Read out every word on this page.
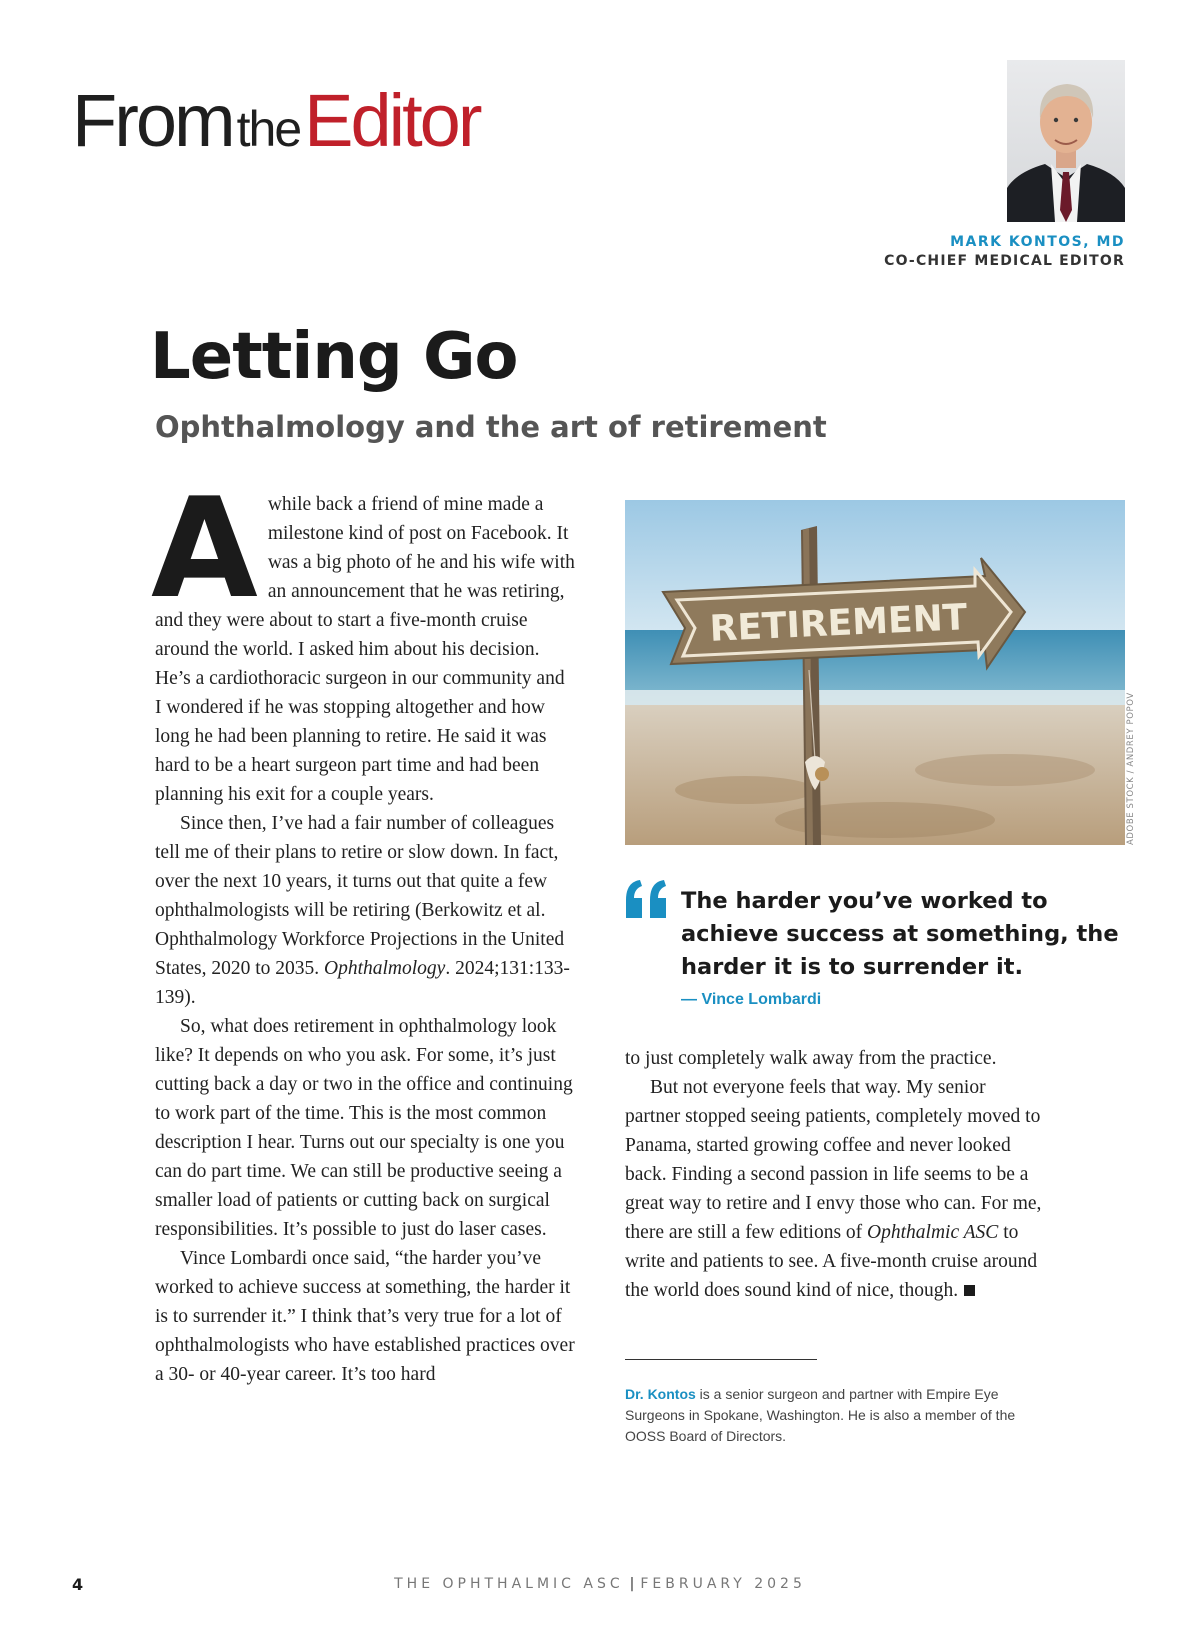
FromtheEditor
MARK KONTOS, MD
CO-CHIEF MEDICAL EDITOR
Letting Go
Ophthalmology and the art of retirement

Awhile back a friend of mine made a milestone kind of post on Facebook. It was a big photo of he and his wife with an announcement that he was retiring, and they were about to start a five-month cruise around the world. I asked him about his decision. He’s a cardiothoracic surgeon in our community and I wondered if he was stopping altogether and how long he had been planning to retire. He said it was hard to be a heart surgeon part time and had been planning his exit for a couple years.

Since then, I’ve had a fair number of colleagues tell me of their plans to retire or slow down. In fact, over the next 10 years, it turns out that quite a few ophthalmologists will be retiring (Berkowitz et al. Ophthalmology Workforce Projections in the United States, 2020 to 2035. Ophthalmology. 2024;131:133-139).

So, what does retirement in ophthalmology look like? It depends on who you ask. For some, it’s just cutting back a day or two in the office and continuing to work part of the time. This is the most common description I hear. Turns out our specialty is one you can do part time. We can still be productive seeing a smaller load of patients or cutting back on surgical responsibilities. It’s possible to just do laser cases.

Vince Lombardi once said, “the harder you’ve worked to achieve success at something, the harder it is to surrender it.” I think that’s very true for a lot of ophthalmologists who have established practices over a 30- or 40-year career. It’s too hard

RETIREMENT
ADOBE STOCK / ANDREY POPOV

The harder you’ve worked to achieve success at something, the harder it is to surrender it.

— Vince Lombardi

to just completely walk away from the practice.

But not everyone feels that way. My senior partner stopped seeing patients, completely moved to Panama, started growing coffee and never looked back. Finding a second passion in life seems to be a great way to retire and I envy those who can. For me, there are still a few editions of Ophthalmic ASC to write and patients to see. A five-month cruise around the world does sound kind of nice, though.

Dr. Kontos is a senior surgeon and partner with Empire Eye Surgeons in Spokane, Washington. He is also a member of the OOSS Board of Directors.
4	THE OPHTHALMIC ASC | FEBRUARY 2025
